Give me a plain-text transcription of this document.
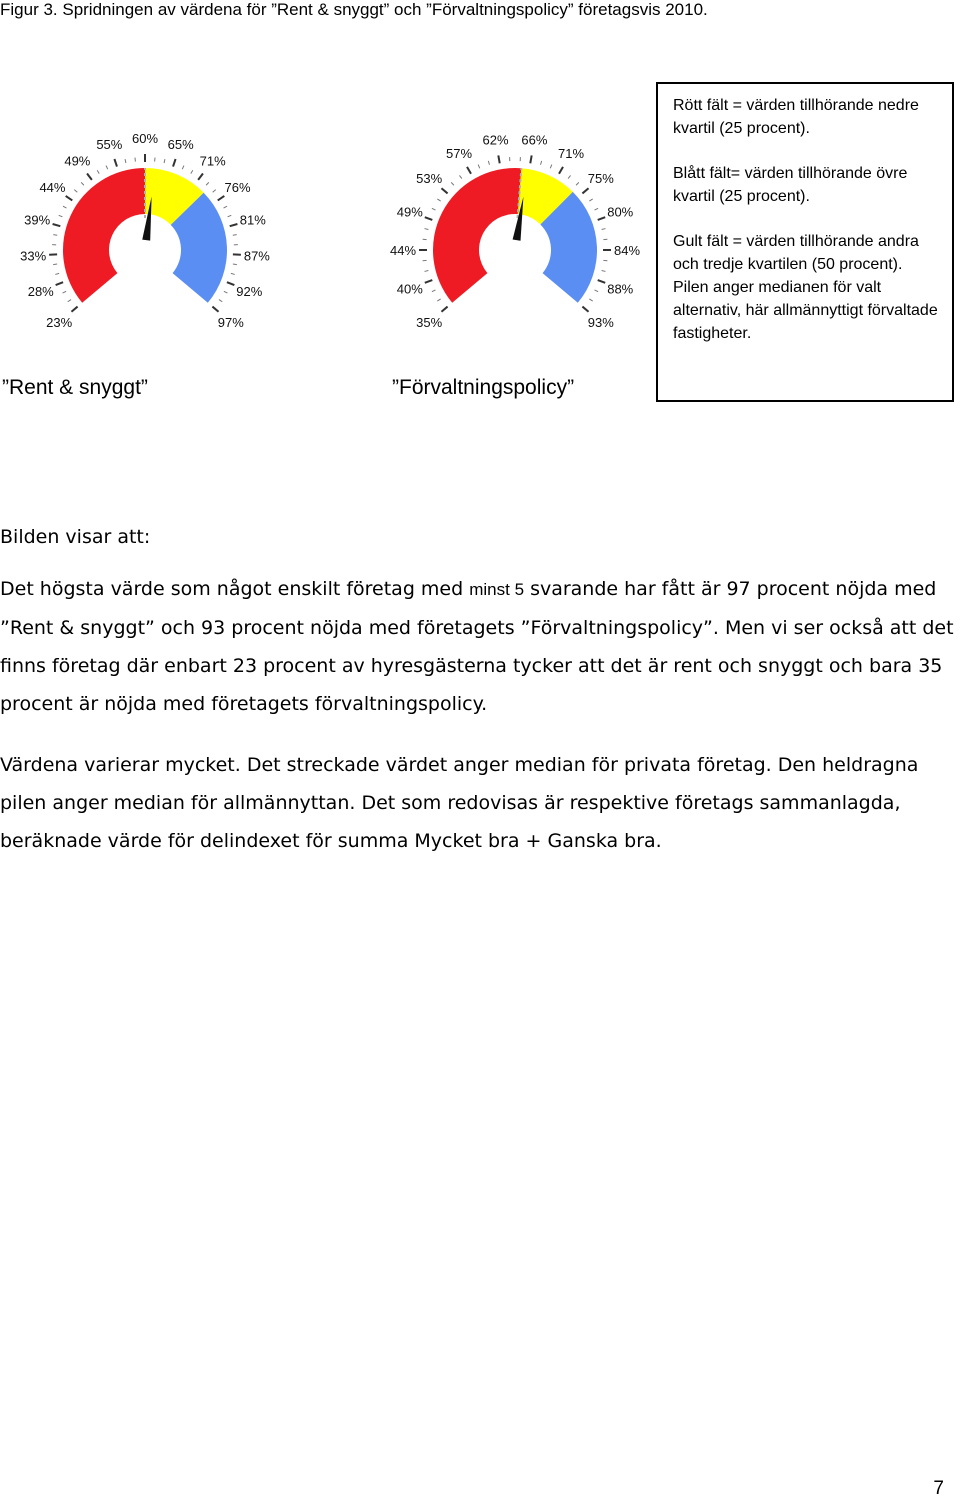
Figur 3. Spridningen av värdena för ”Rent & snyggt” och ”Förvaltningspolicy” företagsvis 2010.
23%
28%
33%
39%
44%
49%
55% 60% 65%
71%
76%
81%
87%
92%
97%
”Rent & snyggt”
35%
40%
44%
49%
53%
57%
62% 66%
71%
75%
80%
84%
88%
93%
”Förvaltningspolicy”

Rött fält = värden tillhörande nedre kvartil (25 procent).

Blått fält= värden tillhörande övre kvartil (25 procent).

Gult fält = värden tillhörande andra och tredje kvartilen (50 procent). Pilen anger medianen för valt alternativ, här allmännyttigt förvaltade fastigheter.

Bilden visar att:

Det högsta värde som något enskilt företag med minst 5 svarande har fått är 97 procent nöjda med ”Rent & snyggt” och 93 procent nöjda med företagets ”Förvaltningspolicy”. Men vi ser också att det finns företag där enbart 23 procent av hyresgästerna tycker att det är rent och snyggt och bara 35 procent är nöjda med företagets förvaltningspolicy.

Värdena varierar mycket. Det streckade värdet anger median för privata företag. Den heldragna pilen anger median för allmännyttan. Det som redovisas är respektive företags sammanlagda, beräknade värde för delindexet för summa Mycket bra + Ganska bra.

7
